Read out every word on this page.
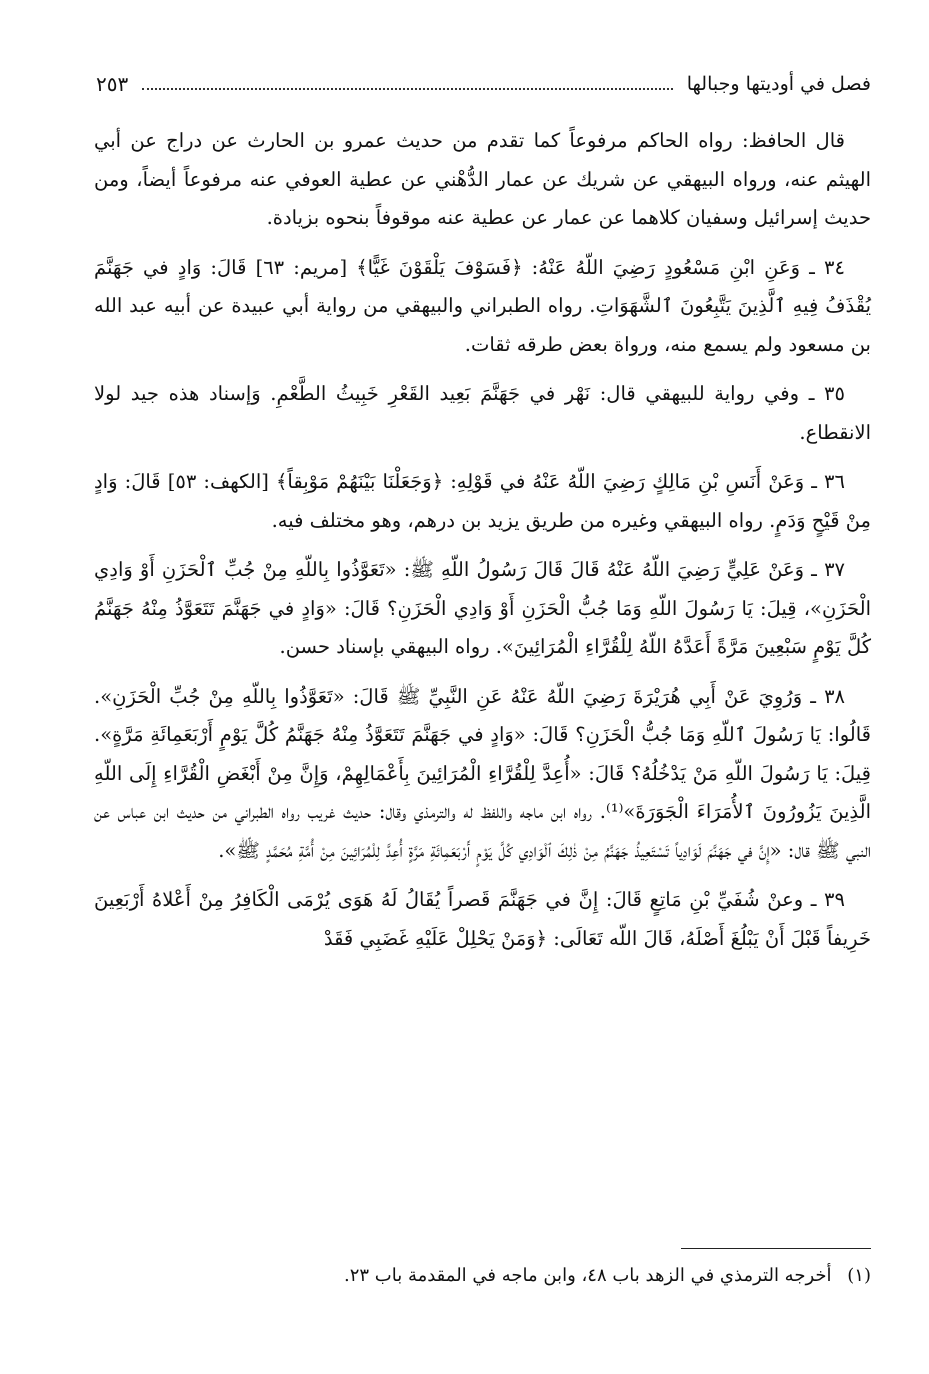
فصل في أوديتها وجبالها
٢٥٣

قال الحافظ: رواه الحاكم مرفوعاً كما تقدم من حديث عمرو بن الحارث عن دراج عن أبي الهيثم عنه، ورواه البيهقي عن شريك عن عمار الدُّهْني عن عطية العوفي عنه مرفوعاً أيضاً، ومن حديث إسرائيل وسفيان كلاهما عن عمار عن عطية عنه موقوفاً بنحوه بزيادة.

٣٤ ـ وَعَنِ ابْنِ مَسْعُودٍ رَضِيَ اللّهُ عَنْهُ: ﴿فَسَوْفَ يَلْقَوْنَ غَيًّا﴾ [مريم: ٦٣] قَالَ: وَادٍ في جَهَنَّمَ يُقْذَفُ فِيهِ ٱلَّذِينَ يَتَّبِعُونَ ٱلشَّهَوَاتِ. رواه الطبراني والبيهقي من رواية أبي عبيدة عن أبيه عبد الله بن مسعود ولم يسمع منه، ورواة بعض طرقه ثقات.

٣٥ ـ وفي رواية للبيهقي قال: نَهْر في جَهَنَّمَ بَعِيد القَعْرِ خَبِيثُ الطَّعْمِ. وَإسناد هذه جيد لولا الانقطاع.

٣٦ ـ وَعَنْ أَنَسِ بْنِ مَالِكٍ رَضِيَ اللّهُ عَنْهُ في قَوْلِهِ: ﴿وَجَعَلْنَا بَيْنَهُمْ مَوْبِقاً﴾ [الكهف: ٥٣] قَالَ: وَادٍ مِنْ قَيْحٍ وَدَمٍ. رواه البيهقي وغيره من طريق يزيد بن درهم، وهو مختلف فيه.

٣٧ ـ وَعَنْ عَلِيٍّ رَضِيَ اللّهُ عَنْهُ قَالَ قَالَ رَسُولُ اللّهِ ﷺ: «تَعَوَّذُوا بِاللّهِ مِنْ جُبِّ ٱلْحَزَنِ أَوْ وَادِي الْحَزَنِ»، قِيلَ: يَا رَسُولَ اللّهِ وَمَا جُبُّ الْحَزَنِ أَوْ وَادِي الْحَزَنِ؟ قَالَ: «وَادٍ في جَهَنَّمَ تَتَعَوَّذُ مِنْهُ جَهَنَّمُ كُلَّ يَوْمٍ سَبْعِينَ مَرَّةً أَعَدَّهُ اللّهُ لِلْقُرَّاءِ الْمُرَائِينَ». رواه البيهقي بإسناد حسن.

٣٨ ـ وَرُوِيَ عَنْ أَبِي هُرَيْرَةَ رَضِيَ اللّهُ عَنْهُ عَنِ النَّبِيِّ ﷺ قَالَ: «تَعَوَّذُوا بِاللّهِ مِنْ جُبِّ الْحَزَنِ». قَالُوا: يَا رَسُولَ ٱللّهِ وَمَا جُبُّ الْحَزَنِ؟ قَالَ: «وَادٍ في جَهَنَّمَ تَتَعَوَّذُ مِنْهُ جَهَنَّمُ كُلَّ يَوْمٍ أَرْبَعَمِائَةِ مَرَّةٍ». قِيلَ: يَا رَسُولَ اللّهِ مَنْ يَدْخُلُهُ؟ قَالَ: «أُعِدَّ لِلْقُرَّاءِ الْمُرَائِينَ بِأَعْمَالِهِمْ، وَإِنَّ مِنْ أَبْغَضِ الْقُرَّاءِ إِلَى اللّهِ الَّذِينَ يَزُورُونَ ٱلأُمَرَاءَ الْجَوَرَةَ»⁽¹⁾. رواه ابن ماجه واللفظ له والترمذي وقال: حديث غريب رواه الطبراني من حديث ابن عباس عن النبي ﷺ قال: «إِنَّ في جَهَنَّمَ لَوَادِياً تَسْتَعِيذُ جَهَنَّمُ مِنْ ذٰلِكَ ٱلْوَادِي كُلَّ يَوْمٍ أَرْبَعَمِائَةِ مَرَّةٍ أُعِدَّ لِلْمُرَائِينَ مِنْ أُمَّةِ مُحَمَّدٍ ﷺ».

٣٩ ـ وعنْ شُفَيِّ بْنِ مَاتِعٍ قَالَ: إِنَّ في جَهَنَّمَ قَصراً يُقَالُ لَهُ هَوَى يُرْمَى الْكَافِرُ مِنْ أَعْلاهُ أَرْبَعِينَ خَرِيفاً قَبْلَ أَنْ يَبْلُغَ أَصْلَهُ، قَالَ اللّه تَعَالَى: ﴿وَمَنْ يَحْلِلْ عَلَيْهِ غَضَبِي فَقَدْ

(١) أخرجه الترمذي في الزهد باب ٤٨، وابن ماجه في المقدمة باب ٢٣.
